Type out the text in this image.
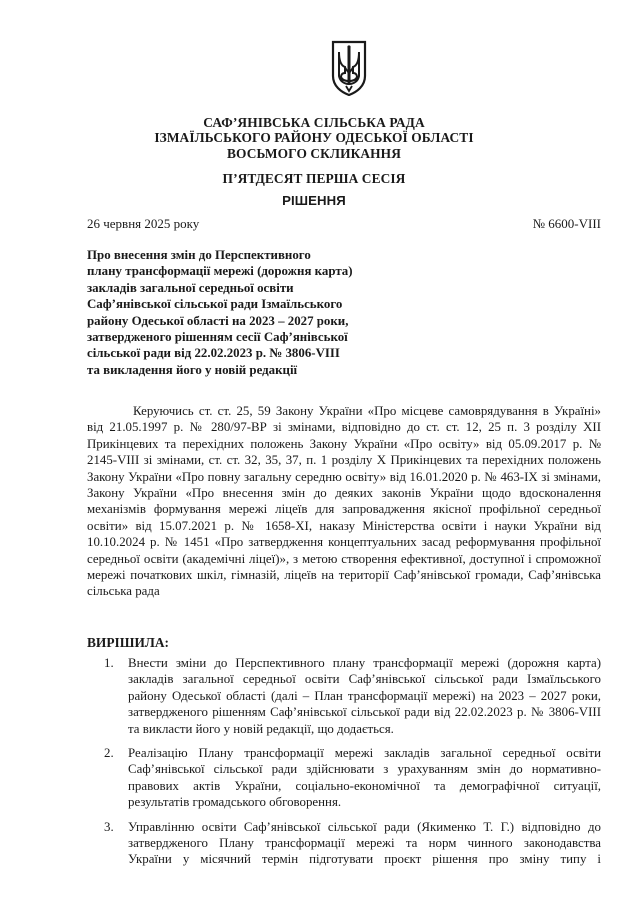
САФ’ЯНІВСЬКА СІЛЬСЬКА РАДА
ІЗМАЇЛЬСЬКОГО РАЙОНУ ОДЕСЬКОЇ ОБЛАСТІ
ВОСЬМОГО СКЛИКАННЯ
П’ЯТДЕСЯТ ПЕРША СЕСІЯ
РІШЕННЯ
26 червня 2025 року	№ 6600-VIII
Про внесення змін до Перспективного
плану трансформації мережі (дорожня карта)
закладів загальної середньої освіти
Саф’янівської сільської ради Ізмаїльського
району Одеської області на 2023 – 2027 роки,
затвердженого рішенням сесії Саф’янівської
сільської ради від 22.02.2023 р. № 3806-VIII
та викладення його у новій редакції
Керуючись ст. ст. 25, 59 Закону України «Про місцеве самоврядування в Україні»
від 21.05.1997 р. № 280/97-ВР зі змінами, відповідно до ст. ст. 12, 25 п. 3 розділу XII
Прикінцевих та перехідних положень Закону України «Про освіту» від 05.09.2017 р. №
2145-VIII зі змінами, ст. ст. 32, 35, 37, п. 1 розділу X Прикінцевих та перехідних положень
Закону України «Про повну загальну середню освіту» від 16.01.2020 р. № 463-IX зі змінами,
Закону України «Про внесення змін до деяких законів України щодо вдосконалення
механізмів формування мережі ліцеїв для запровадження якісної профільної середньої
освіти» від 15.07.2021 р. № 1658-ХІ, наказу Міністерства освіти і науки України від
10.10.2024 р. № 1451 «Про затвердження концептуальних засад реформування профільної
середньої освіти (академічні ліцеї)», з метою створення ефективної, доступної і спроможної
мережі початкових шкіл, гімназій, ліцеїв на території Саф’янівської громади, Саф’янівська
сільська рада
ВИРІШИЛА:
1. Внести зміни до Перспективного плану трансформації мережі (дорожня карта)
закладів загальної середньої освіти Саф’янівської сільської ради Ізмаїльського
району Одеської області (далі – План трансформації мережі) на 2023 – 2027 роки,
затвердженого рішенням Саф’янівської сільської ради від 22.02.2023 р. № 3806-VIII
та викласти його у новій редакції, що додається.
2. Реалізацію Плану трансформації мережі закладів загальної середньої освіти
Саф’янівської сільської ради здійснювати з урахуванням змін до нормативно-
правових актів України, соціально-економічної та демографічної ситуації,
результатів громадського обговорення.
3. Управлінню освіти Саф’янівської сільської ради (Якименко Т. Г.) відповідно до
затвердженого Плану трансформації мережі та норм чинного законодавства
України у місячний термін підготувати проєкт рішення про зміну типу і
